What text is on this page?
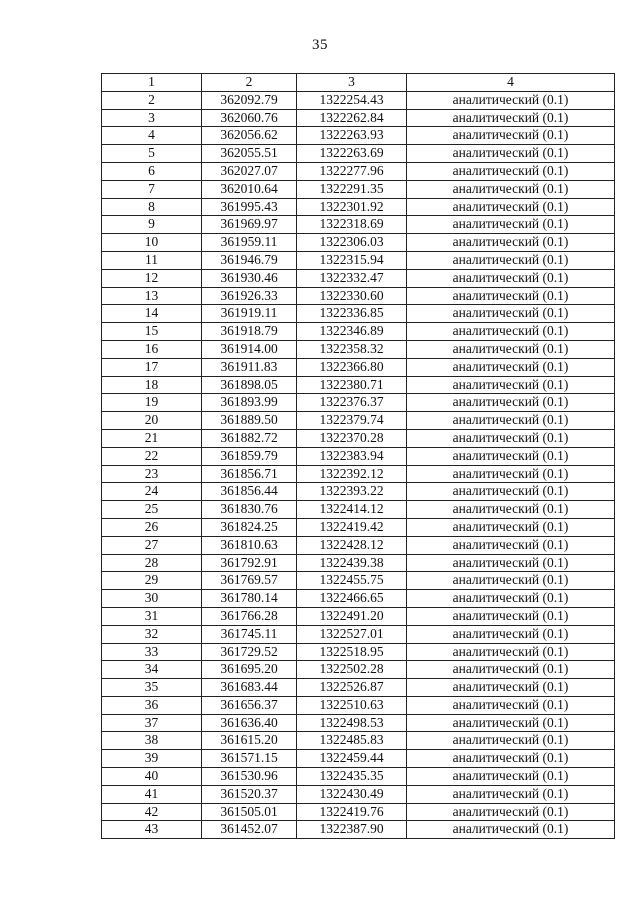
35
1	2	3	4
2	362092.79	1322254.43	аналитический (0.1)
3	362060.76	1322262.84	аналитический (0.1)
4	362056.62	1322263.93	аналитический (0.1)
5	362055.51	1322263.69	аналитический (0.1)
6	362027.07	1322277.96	аналитический (0.1)
7	362010.64	1322291.35	аналитический (0.1)
8	361995.43	1322301.92	аналитический (0.1)
9	361969.97	1322318.69	аналитический (0.1)
10	361959.11	1322306.03	аналитический (0.1)
11	361946.79	1322315.94	аналитический (0.1)
12	361930.46	1322332.47	аналитический (0.1)
13	361926.33	1322330.60	аналитический (0.1)
14	361919.11	1322336.85	аналитический (0.1)
15	361918.79	1322346.89	аналитический (0.1)
16	361914.00	1322358.32	аналитический (0.1)
17	361911.83	1322366.80	аналитический (0.1)
18	361898.05	1322380.71	аналитический (0.1)
19	361893.99	1322376.37	аналитический (0.1)
20	361889.50	1322379.74	аналитический (0.1)
21	361882.72	1322370.28	аналитический (0.1)
22	361859.79	1322383.94	аналитический (0.1)
23	361856.71	1322392.12	аналитический (0.1)
24	361856.44	1322393.22	аналитический (0.1)
25	361830.76	1322414.12	аналитический (0.1)
26	361824.25	1322419.42	аналитический (0.1)
27	361810.63	1322428.12	аналитический (0.1)
28	361792.91	1322439.38	аналитический (0.1)
29	361769.57	1322455.75	аналитический (0.1)
30	361780.14	1322466.65	аналитический (0.1)
31	361766.28	1322491.20	аналитический (0.1)
32	361745.11	1322527.01	аналитический (0.1)
33	361729.52	1322518.95	аналитический (0.1)
34	361695.20	1322502.28	аналитический (0.1)
35	361683.44	1322526.87	аналитический (0.1)
36	361656.37	1322510.63	аналитический (0.1)
37	361636.40	1322498.53	аналитический (0.1)
38	361615.20	1322485.83	аналитический (0.1)
39	361571.15	1322459.44	аналитический (0.1)
40	361530.96	1322435.35	аналитический (0.1)
41	361520.37	1322430.49	аналитический (0.1)
42	361505.01	1322419.76	аналитический (0.1)
43	361452.07	1322387.90	аналитический (0.1)
